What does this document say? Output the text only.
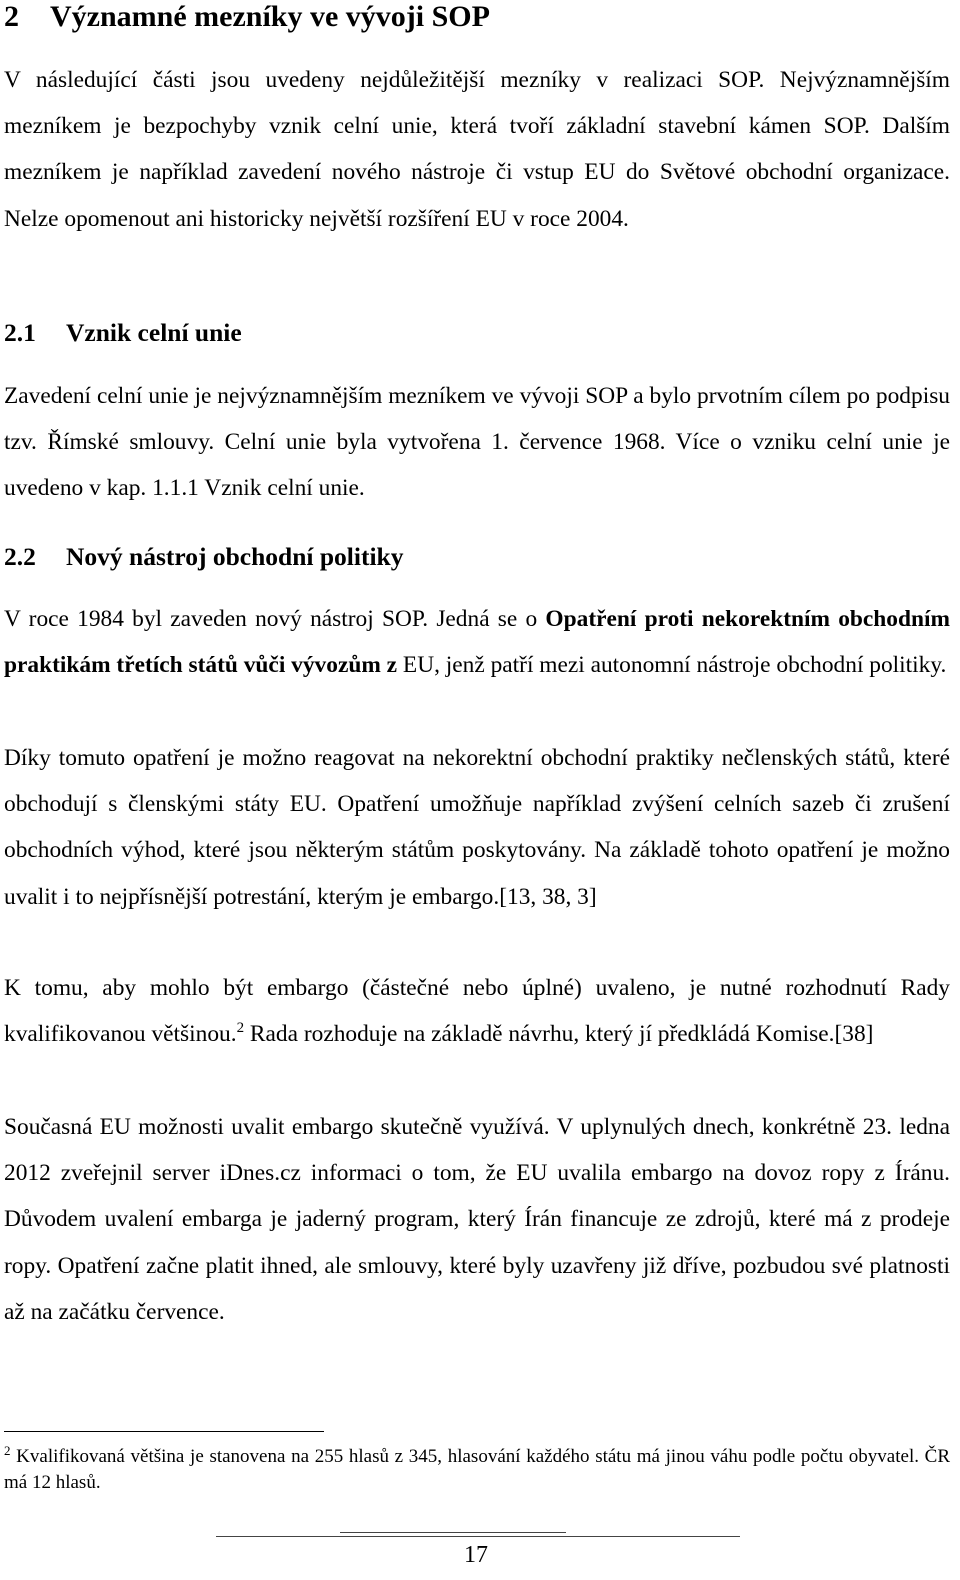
2 Významné mezníky ve vývoji SOP

V následující části jsou uvedeny nejdůležitější mezníky v realizaci SOP. Nejvýznamnějším mezníkem je bezpochyby vznik celní unie, která tvoří základní stavební kámen SOP. Dalším mezníkem je například zavedení nového nástroje či vstup EU do Světové obchodní organizace. Nelze opomenout ani historicky největší rozšíření EU v roce 2004.

2.1 Vznik celní unie

Zavedení celní unie je nejvýznamnějším mezníkem ve vývoji SOP a bylo prvotním cílem po podpisu tzv. Římské smlouvy. Celní unie byla vytvořena 1. července 1968. Více o vzniku celní unie je uvedeno v kap. 1.1.1 Vznik celní unie.

2.2 Nový nástroj obchodní politiky

V roce 1984 byl zaveden nový nástroj SOP. Jedná se o Opatření proti nekorektním obchodním praktikám třetích států vůči vývozům z EU, jenž patří mezi autonomní nástroje obchodní politiky.

Díky tomuto opatření je možno reagovat na nekorektní obchodní praktiky nečlenských států, které obchodují s členskými státy EU. Opatření umožňuje například zvýšení celních sazeb či zrušení obchodních výhod, které jsou některým státům poskytovány. Na základě tohoto opatření je možno uvalit i to nejpřísnější potrestání, kterým je embargo.[13, 38, 3]

K tomu, aby mohlo být embargo (částečné nebo úplné) uvaleno, je nutné rozhodnutí Rady kvalifikovanou většinou.$^2$ Rada rozhoduje na základě návrhu, který jí předkládá Komise.[38]

Současná EU možnosti uvalit embargo skutečně využívá. V uplynulých dnech, konkrétně 23. ledna 2012 zveřejnil server iDnes.cz informaci o tom, že EU uvalila embargo na dovoz ropy z Íránu. Důvodem uvalení embarga je jaderný program, který Írán financuje ze zdrojů, které má z prodeje ropy. Opatření začne platit ihned, ale smlouvy, které byly uzavřeny již dříve, pozbudou své platnosti až na začátku července.

$^2$ Kvalifikovaná většina je stanovena na 255 hlasů z 345, hlasování každého státu má jinou váhu podle počtu obyvatel. ČR má 12 hlasů.

17
